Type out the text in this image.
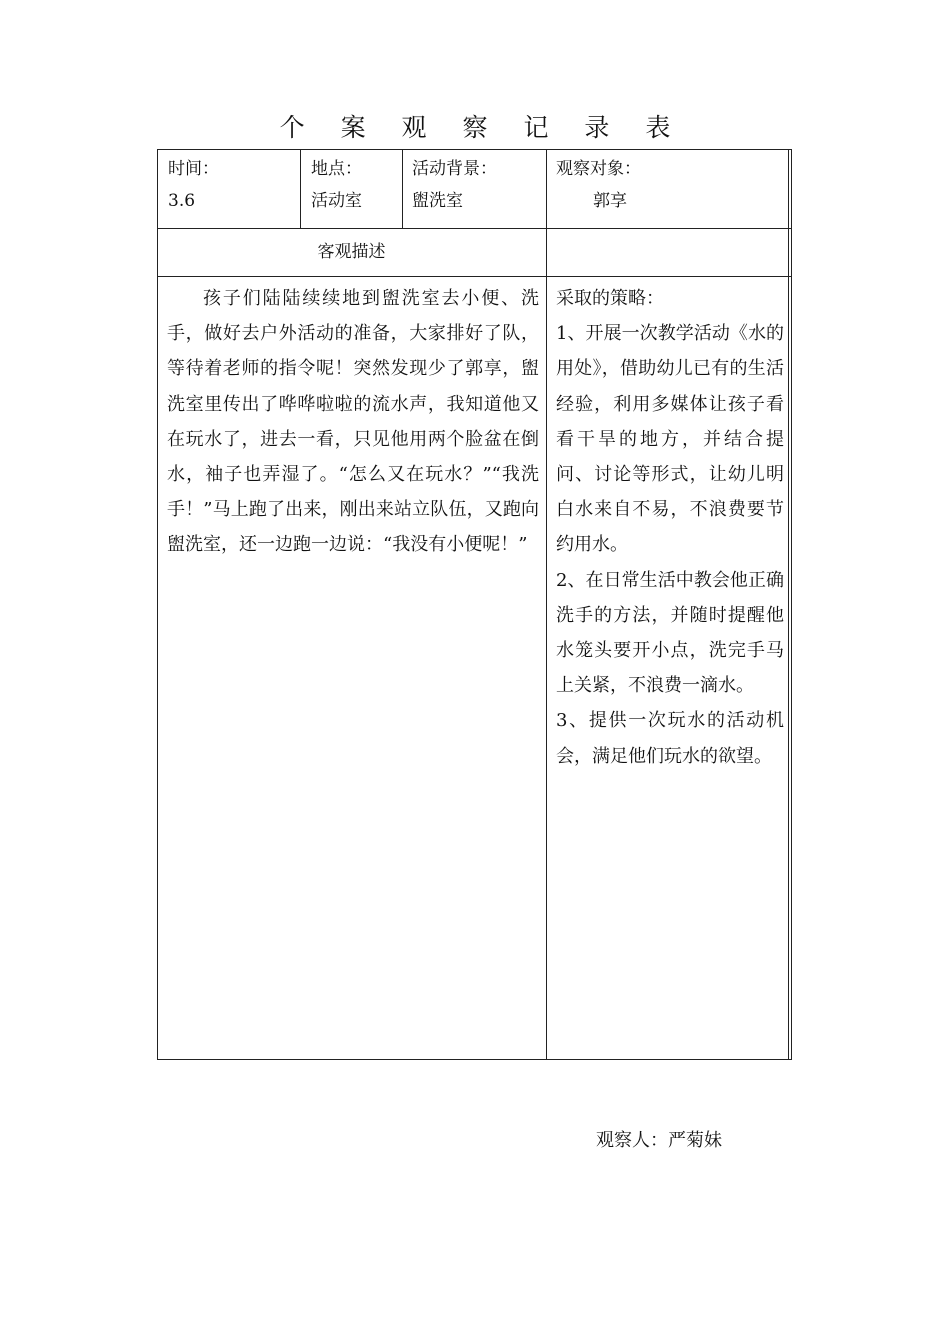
个 案 观 察 记 录 表
时间：
3.6
地点：
活动室
活动背景：
盥洗室
观察对象：
郭享
客观描述
孩子们陆陆续续地到盥洗室去小便、洗手，做好去户外活动的准备，大家排好了队，等待着老师的指令呢！突然发现少了郭享，盥洗室里传出了哗哗啦啦的流水声，我知道他又在玩水了，进去一看，只见他用两个脸盆在倒水，袖子也弄湿了。“怎么又在玩水？”“我洗手！”马上跑了出来，刚出来站立队伍，又跑向盥洗室，还一边跑一边说：“我没有小便呢！”
采取的策略：
1、开展一次教学活动《水的用处》，借助幼儿已有的生活经验，利用多媒体让孩子看看干旱的地方，并结合提问、讨论等形式，让幼儿明白水来自不易，不浪费要节约用水。
2、在日常生活中教会他正确洗手的方法，并随时提醒他水笼头要开小点，洗完手马上关紧，不浪费一滴水。
3、提供一次玩水的活动机会，满足他们玩水的欲望。
观察人：严菊妹
